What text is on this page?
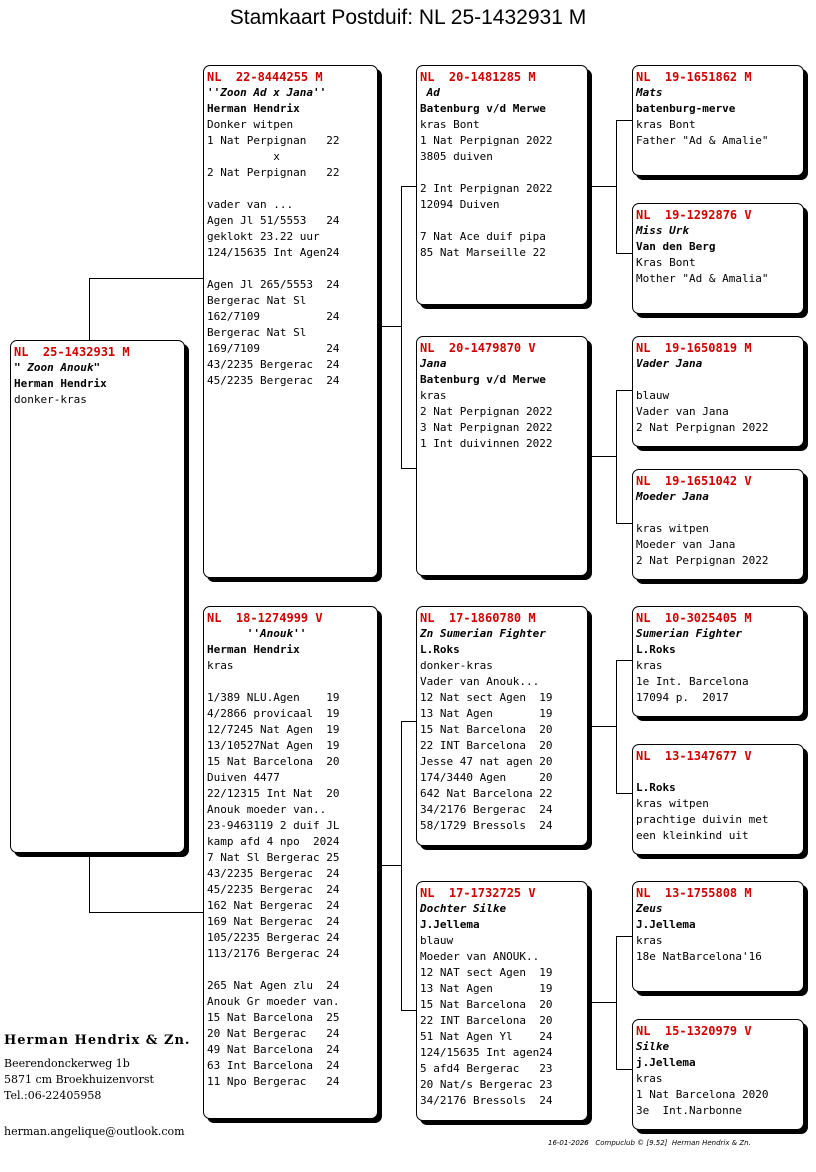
Stamkaart Postduif: NL 25-1432931 M
NL  25-1432931 M
" Zoon Anouk"
Herman Hendrix
donker-kras
NL  22-8444255 M
''Zoon Ad x Jana''
Herman Hendrix
Donker witpen
1 Nat Perpignan   22
x
2 Nat Perpignan   22
vader van ...
Agen Jl 51/5553   24
geklokt 23.22 uur
124/15635 Int Agen24
Agen Jl 265/5553  24
Bergerac Nat Sl
162/7109          24
Bergerac Nat Sl
169/7109          24
43/2235 Bergerac  24
45/2235 Bergerac  24
NL  18-1274999 V
''Anouk''
Herman Hendrix
kras
1/389 NLU.Agen    19
4/2866 provicaal  19
12/7245 Nat Agen  19
13/10527Nat Agen  19
15 Nat Barcelona  20
Duiven 4477
22/12315 Int Nat  20
Anouk moeder van..
23-9463119 2 duif JL
kamp afd 4 npo  2024
7 Nat Sl Bergerac 25
43/2235 Bergerac  24
45/2235 Bergerac  24
162 Nat Bergerac  24
169 Nat Bergerac  24
105/2235 Bergerac 24
113/2176 Bergerac 24
265 Nat Agen zlu  24
Anouk Gr moeder van.
15 Nat Barcelona  25
20 Nat Bergerac   24
49 Nat Barcelona  24
63 Int Barcelona  24
11 Npo Bergerac   24
NL  20-1481285 M
Ad
Batenburg v/d Merwe
kras Bont
1 Nat Perpignan 2022
3805 duiven
2 Int Perpignan 2022
12094 Duiven
7 Nat Ace duif pipa
85 Nat Marseille 22
NL  20-1479870 V
Jana
Batenburg v/d Merwe
kras
2 Nat Perpignan 2022
3 Nat Perpignan 2022
1 Int duivinnen 2022
NL  17-1860780 M
Zn Sumerian Fighter
L.Roks
donker-kras
Vader van Anouk...
12 Nat sect Agen  19
13 Nat Agen       19
15 Nat Barcelona  20
22 INT Barcelona  20
Jesse 47 nat agen 20
174/3440 Agen     20
642 Nat Barcelona 22
34/2176 Bergerac  24
58/1729 Bressols  24
NL  17-1732725 V
Dochter Silke
J.Jellema
blauw
Moeder van ANOUK..
12 NAT sect Agen  19
13 Nat Agen       19
15 Nat Barcelona  20
22 INT Barcelona  20
51 Nat Agen Yl    24
124/15635 Int agen24
5 afd4 Bergerac   23
20 Nat/s Bergerac 23
34/2176 Bressols  24
NL  19-1651862 M
Mats
batenburg-merve
kras Bont
Father "Ad & Amalie"
NL  19-1292876 V
Miss Urk
Van den Berg
Kras Bont
Mother "Ad & Amalia"
NL  19-1650819 M
Vader Jana
blauw
Vader van Jana
2 Nat Perpignan 2022
NL  19-1651042 V
Moeder Jana
kras witpen
Moeder van Jana
2 Nat Perpignan 2022
NL  10-3025405 M
Sumerian Fighter
L.Roks
kras
1e Int. Barcelona
17094 p.  2017
NL  13-1347677 V
L.Roks
kras witpen
prachtige duivin met
een kleinkind uit
NL  13-1755808 M
Zeus
J.Jellema
kras
18e NatBarcelona'16
NL  15-1320979 V
Silke
j.Jellema
kras
1 Nat Barcelona 2020
3e  Int.Narbonne
Herman Hendrix & Zn.
Beerendonckerweg 1b
5871 cm Broekhuizenvorst
Tel.:06-22405958
herman.angelique@outlook.com
16-01-2026   Compuclub © [9.52]  Herman Hendrix & Zn.
